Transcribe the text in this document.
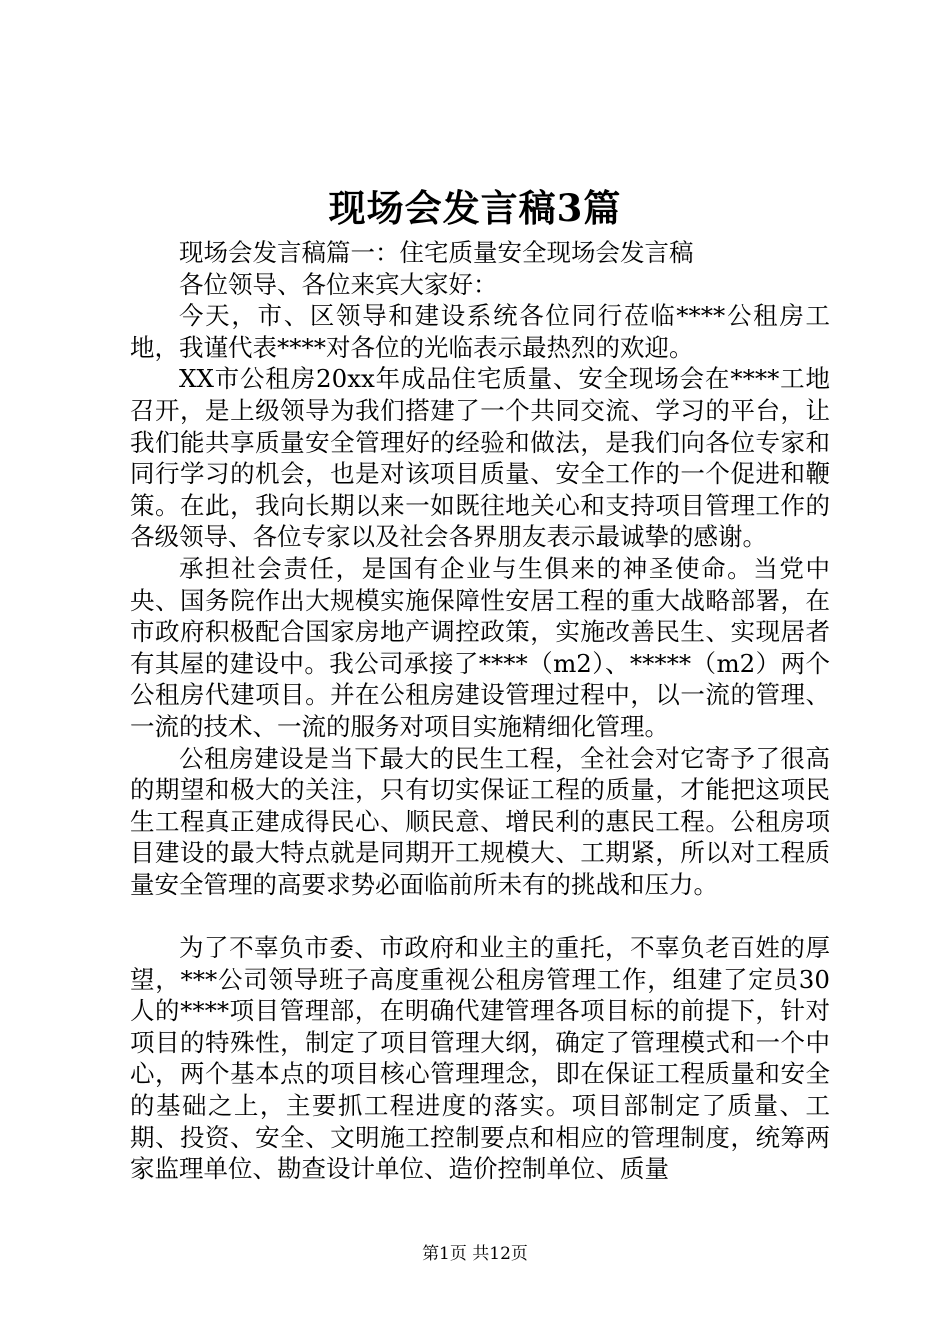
现场会发言稿3篇

现场会发言稿篇一：住宅质量安全现场会发言稿

各位领导、各位来宾大家好：

今天，市、区领导和建设系统各位同行莅临****公租房工地，我谨代表****对各位的光临表示最热烈的欢迎。

XX市公租房20xx年成品住宅质量、安全现场会在****工地召开，是上级领导为我们搭建了一个共同交流、学习的平台，让我们能共享质量安全管理好的经验和做法，是我们向各位专家和同行学习的机会，也是对该项目质量、安全工作的一个促进和鞭策。在此，我向长期以来一如既往地关心和支持项目管理工作的各级领导、各位专家以及社会各界朋友表示最诚挚的感谢。

承担社会责任，是国有企业与生俱来的神圣使命。当党中央、国务院作出大规模实施保障性安居工程的重大战略部署，在市政府积极配合国家房地产调控政策，实施改善民生、实现居者有其屋的建设中。我公司承接了****（m2）、*****（m2）两个公租房代建项目。并在公租房建设管理过程中，以一流的管理、一流的技术、一流的服务对项目实施精细化管理。

公租房建设是当下最大的民生工程，全社会对它寄予了很高的期望和极大的关注，只有切实保证工程的质量，才能把这项民生工程真正建成得民心、顺民意、增民利的惠民工程。公租房项目建设的最大特点就是同期开工规模大、工期紧，所以对工程质量安全管理的高要求势必面临前所未有的挑战和压力。

为了不辜负市委、市政府和业主的重托，不辜负老百姓的厚望，***公司领导班子高度重视公租房管理工作，组建了定员30人的****项目管理部，在明确代建管理各项目标的前提下，针对项目的特殊性，制定了项目管理大纲，确定了管理模式和一个中心，两个基本点的项目核心管理理念，即在保证工程质量和安全的基础之上，主要抓工程进度的落实。项目部制定了质量、工期、投资、安全、文明施工控制要点和相应的管理制度，统筹两家监理单位、勘查设计单位、造价控制单位、质量

第1页 共12页
